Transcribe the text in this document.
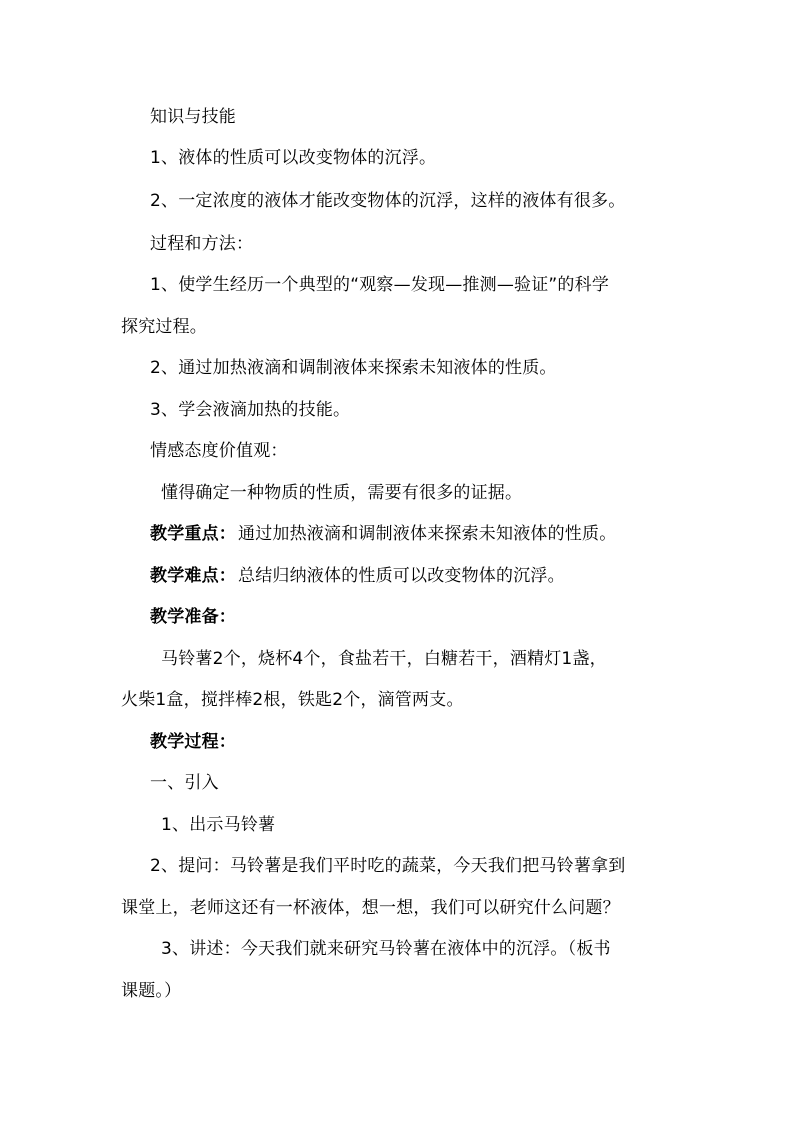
知识与技能
1、液体的性质可以改变物体的沉浮。
2、一定浓度的液体才能改变物体的沉浮，这样的液体有很多。
过程和方法：
1、使学生经历一个典型的“观察—发现—推测—验证”的科学
探究过程。
2、通过加热液滴和调制液体来探索未知液体的性质。
3、学会液滴加热的技能。
情感态度价值观：
懂得确定一种物质的性质，需要有很多的证据。
教学重点： 通过加热液滴和调制液体来探索未知液体的性质。
教学难点： 总结归纳液体的性质可以改变物体的沉浮。
教学准备：
马铃薯2个，烧杯4个，食盐若干，白糖若干，酒精灯1盏，
火柴1盒，搅拌棒2根，铁匙2个，滴管两支。
教学过程：
一、引入
1、出示马铃薯
2、提问：马铃薯是我们平时吃的蔬菜，今天我们把马铃薯拿到
课堂上，老师这还有一杯液体，想一想，我们可以研究什么问题？
3、讲述：今天我们就来研究马铃薯在液体中的沉浮。（板书
课题。）
